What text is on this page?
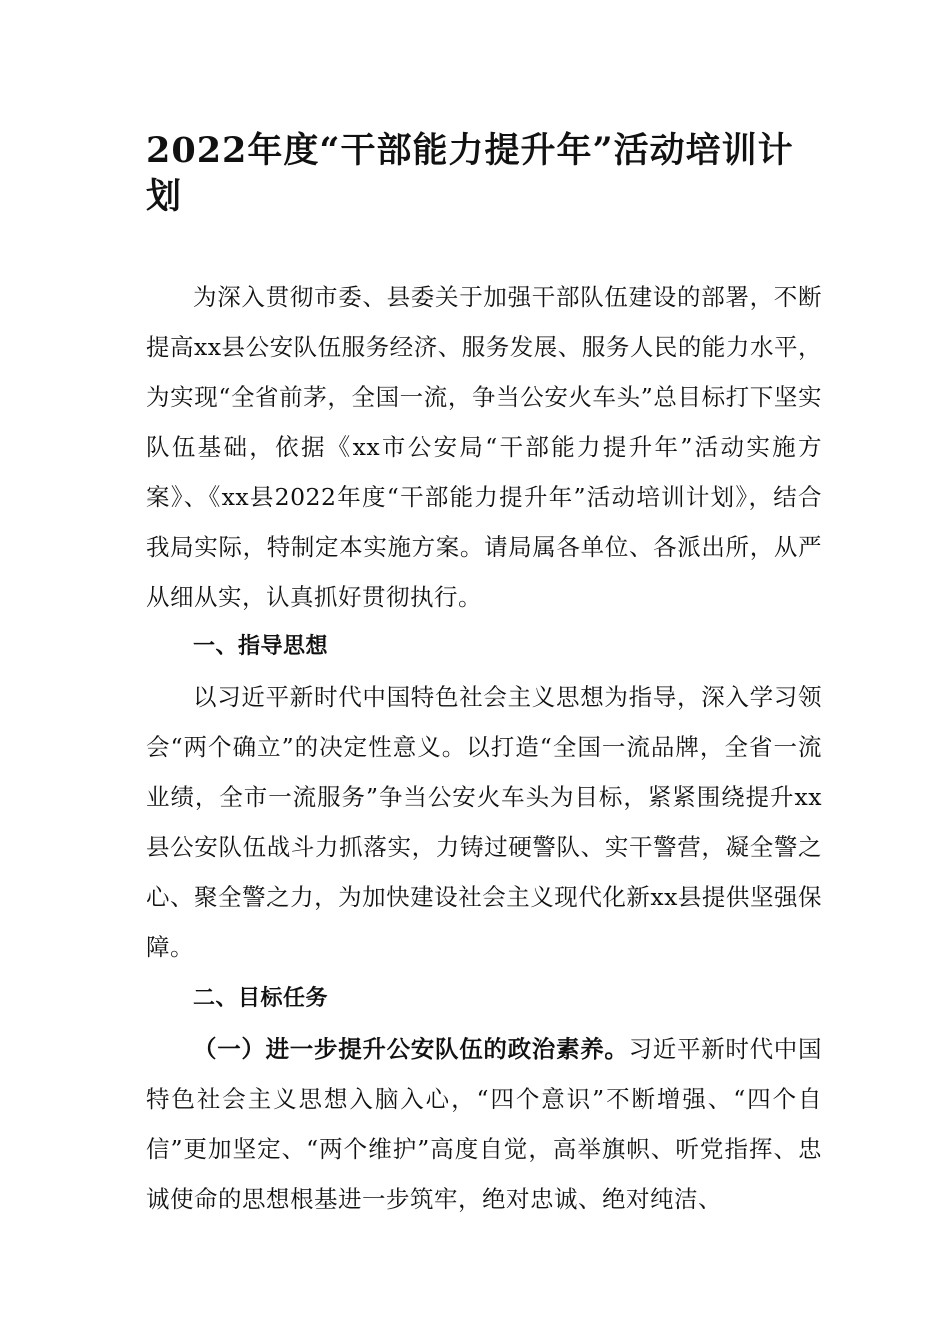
2022年度“干部能力提升年”活动培训计划

为深入贯彻市委、县委关于加强干部队伍建设的部署，不断提高xx县公安队伍服务经济、服务发展、服务人民的能力水平，为实现“全省前茅，全国一流，争当公安火车头”总目标打下坚实队伍基础，依据《xx市公安局“干部能力提升年”活动实施方案》、《xx县2022年度“干部能力提升年”活动培训计划》，结合我局实际，特制定本实施方案。请局属各单位、各派出所，从严从细从实，认真抓好贯彻执行。

一、指导思想

以习近平新时代中国特色社会主义思想为指导，深入学习领会“两个确立”的决定性意义。以打造“全国一流品牌，全省一流业绩，全市一流服务”争当公安火车头为目标，紧紧围绕提升xx县公安队伍战斗力抓落实，力铸过硬警队、实干警营，凝全警之心、聚全警之力，为加快建设社会主义现代化新xx县提供坚强保障。

二、目标任务

（一）进一步提升公安队伍的政治素养。习近平新时代中国特色社会主义思想入脑入心，“四个意识”不断增强、“四个自信”更加坚定、“两个维护”高度自觉，高举旗帜、听党指挥、忠诚使命的思想根基进一步筑牢，绝对忠诚、绝对纯洁、
